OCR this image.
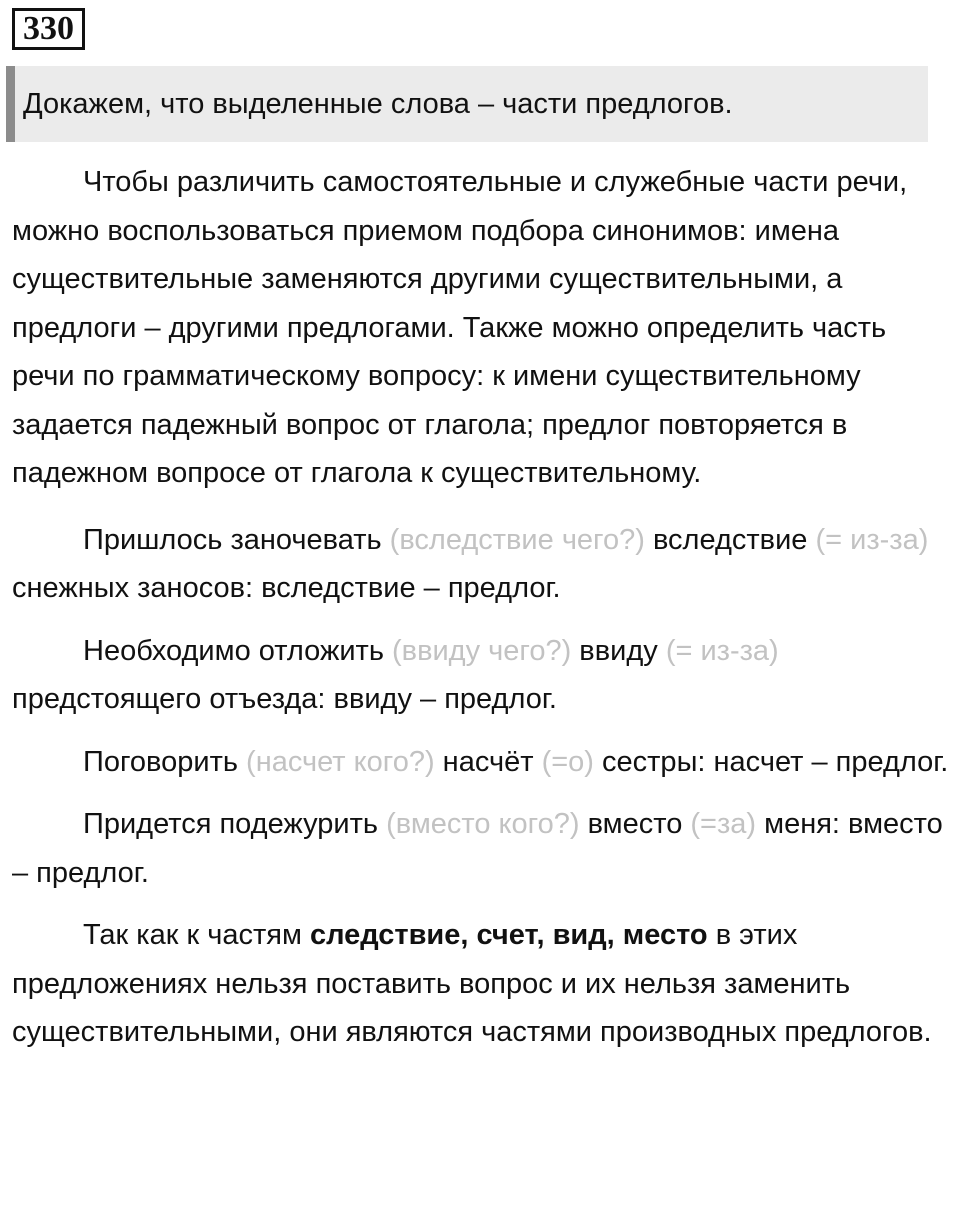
330
Докажем, что выделенные слова – части предлогов.

Чтобы различить самостоятельные и служебные части речи, можно воспользоваться приемом подбора синонимов: имена существительные заменяются другими существительными, а предлоги – другими предлогами. Также можно определить часть речи по грамматическому вопросу: к имени существительному задается падежный вопрос от глагола; предлог повторяется в падежном вопросе от глагола к существительному.

Пришлось заночевать (вследствие чего?) вследствие (= из-за) снежных заносов: вследствие – предлог.

Необходимо отложить (ввиду чего?) ввиду (= из-за) предстоящего отъезда: ввиду – предлог.

Поговорить (насчет кого?) насчёт (=о) сестры: насчет – предлог.

Придется подежурить (вместо кого?) вместо (=за) меня: вместо – предлог.

Так как к частям следствие, счет, вид, место в этих предложениях нельзя поставить вопрос и их нельзя заменить существительными, они являются частями производных предлогов.
